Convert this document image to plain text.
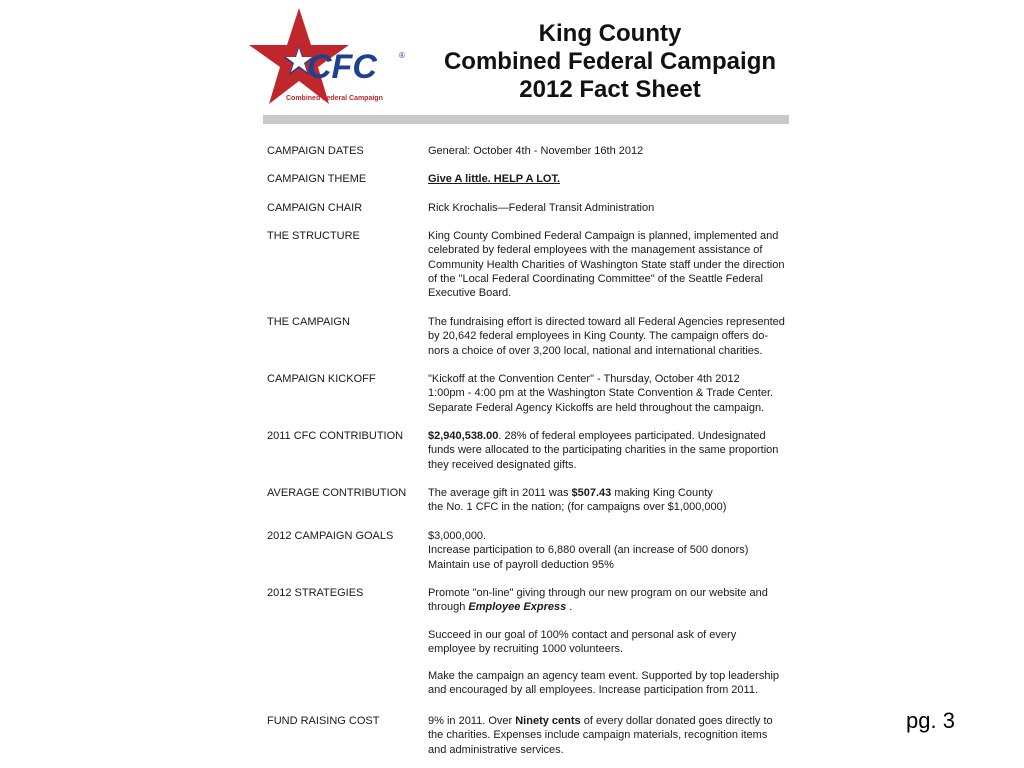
CFC	®
Combined Federal Campaign
King County
Combined Federal Campaign
2012 Fact Sheet
CAMPAIGN DATES	General: October 4th - November 16th 2012
CAMPAIGN THEME	Give A little. HELP A LOT.
CAMPAIGN CHAIR	Rick Krochalis—Federal Transit Administration
THE STRUCTURE	King County Combined Federal Campaign is planned, implemented and
celebrated by federal employees with the management assistance of
Community Health Charities of Washington State staff under the direction
of the "Local Federal Coordinating Committee" of the Seattle Federal
Executive Board.
THE CAMPAIGN	The fundraising effort is directed toward all Federal Agencies represented
by 20,642 federal employees in King County. The campaign offers do-
nors a choice of over 3,200 local, national and international charities.
CAMPAIGN KICKOFF	"Kickoff at the Convention Center" - Thursday, October 4th 2012
1:00pm - 4:00 pm at the Washington State Convention & Trade Center.
Separate Federal Agency Kickoffs are held throughout the campaign.
2011 CFC CONTRIBUTION	$2,940,538.00. 28% of federal employees participated. Undesignated
funds were allocated to the participating charities in the same proportion
they received designated gifts.
AVERAGE CONTRIBUTION	The average gift in 2011 was $507.43 making King County
the No. 1 CFC in the nation; (for campaigns over $1,000,000)
2012 CAMPAIGN GOALS	$3,000,000.
Increase participation to 6,880 overall (an increase of 500 donors)
Maintain use of payroll deduction 95%
2012 STRATEGIES	Promote "on-line" giving through our new program on our website and
through Employee Express .

Succeed in our goal of 100% contact and personal ask of every
employee by recruiting 1000 volunteers.

Make the campaign an agency team event. Supported by top leadership
and encouraged by all employees. Increase participation from 2011.

FUND RAISING COST	9% in 2011. Over Ninety cents of every dollar donated goes directly to
the charities. Expenses include campaign materials, recognition items
and administrative services.
pg. 3
